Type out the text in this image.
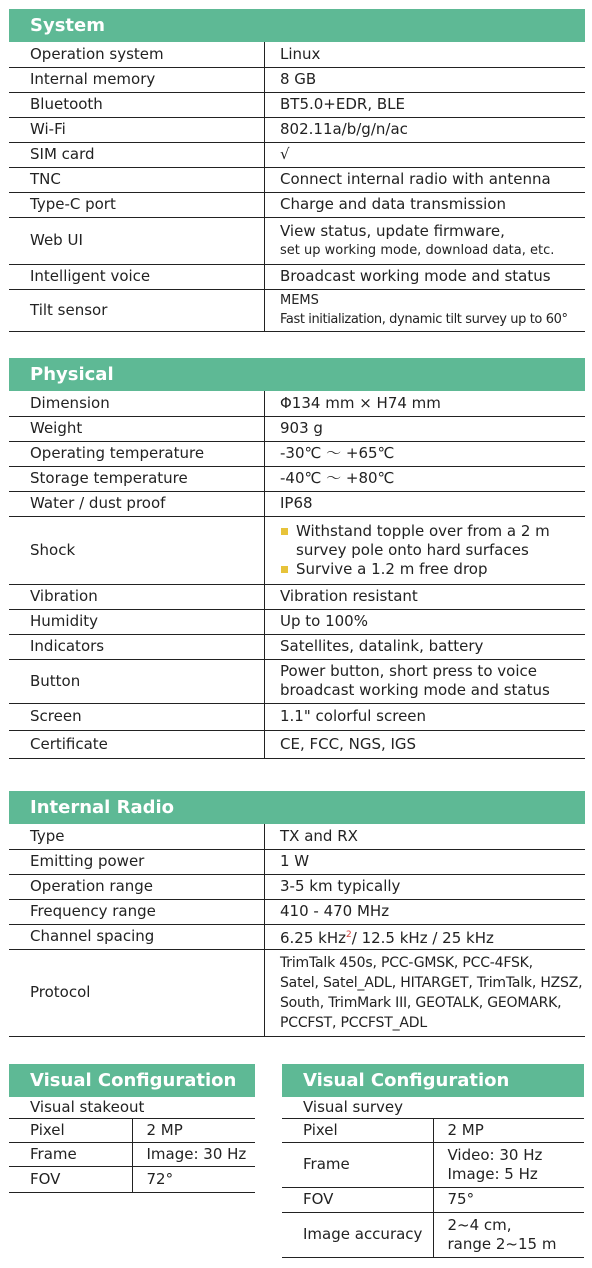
System
Operation system	Linux
Internal memory	8 GB
Bluetooth	BT5.0+EDR, BLE
Wi-Fi	802.11a/b/g/n/ac
SIM card	√
TNC	Connect internal radio with antenna
Type-C port	Charge and data transmission
Web UI	View status, update firmware,
set up working mode, download data, etc.

Intelligent voice	Broadcast working mode and status
Tilt sensor	MEMS
Fast initialization, dynamic tilt survey up to 60°
Physical
Dimension	Φ134 mm × H74 mm
Weight	903 g
Operating temperature	-30℃ ～ +65℃
Storage temperature	-40℃ ～ +80℃
Water / dust proof	IP68
Shock	Withstand topple over from a 2 m
survey pole onto hard surfaces
Survive a 1.2 m free drop

Vibration	Vibration resistant
Humidity	Up to 100%
Indicators	Satellites, datalink, battery
Button	Power button, short press to voice
broadcast working mode and status

Screen	1.1" colorful screen
Certificate	CE, FCC, NGS, IGS
Internal Radio
Type	TX and RX
Emitting power	1 W
Operation range	3-5 km typically
Frequency range	410 - 470 MHz
Channel spacing	6.25 kHz$^2$/ 12.5 kHz / 25 kHz
Protocol	TrimTalk 450s, PCC-GMSK, PCC-4FSK,
Satel, Satel_ADL, HITARGET, TrimTalk, HZSZ,
South, TrimMark III, GEOTALK, GEOMARK,
PCCFST, PCCFST_ADL
Visual Configuration
Visual stakeout	
Pixel	2 MP
Frame	Image: 30 Hz
FOV	72°
Visual Configuration
Visual survey	
Pixel	2 MP
Frame	Video: 30 Hz
Image: 5 Hz

FOV	75°
Image accuracy	2~4 cm,
range 2~15 m
